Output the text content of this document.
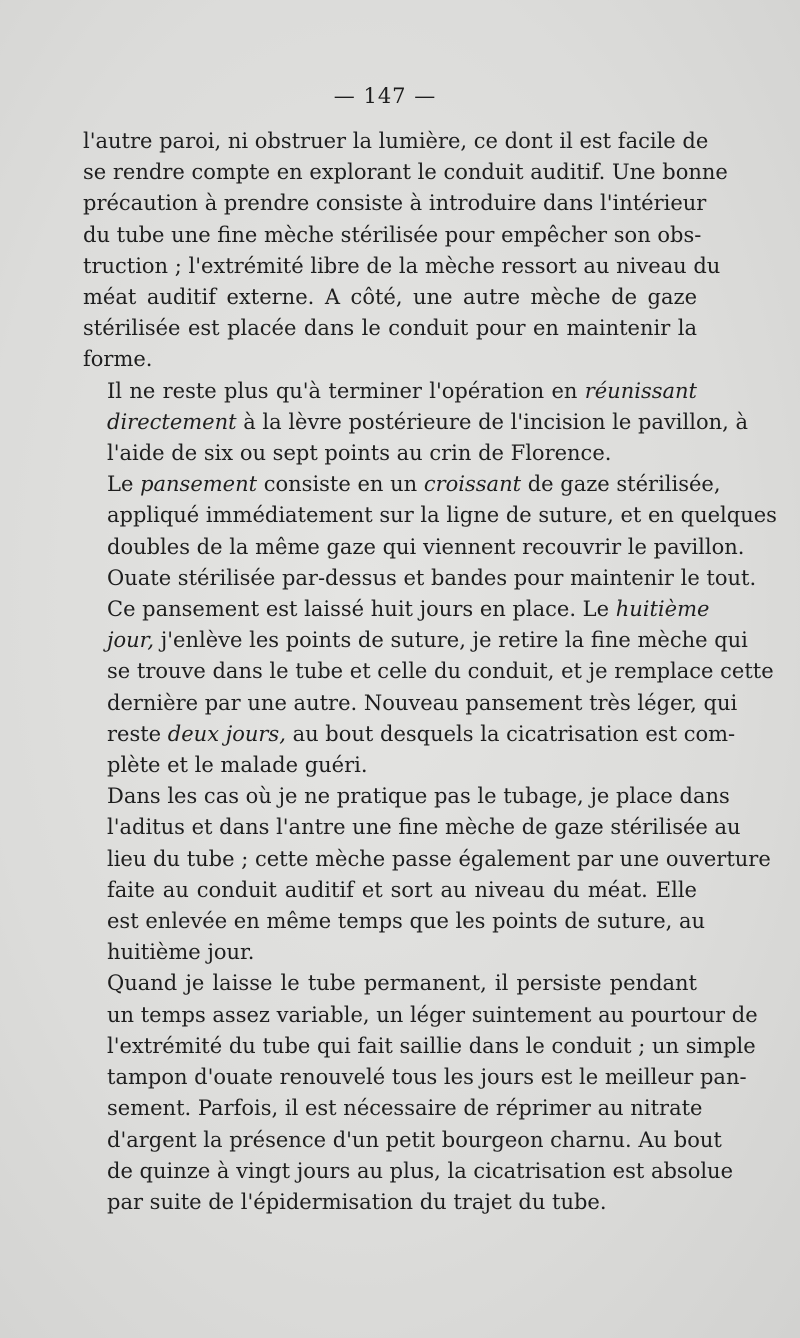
— 147 —

l'autre paroi, ni obstruer la lumière, ce dont il est facile de
se rendre compte en explorant le conduit auditif. Une bonne
précaution à prendre consiste à introduire dans l'intérieur
du tube une fine mèche stérilisée pour empêcher son obs-
truction ; l'extrémité libre de la mèche ressort au niveau du
méat auditif externe. A côté, une autre mèche de gaze
stérilisée est placée dans le conduit pour en maintenir la
forme.

Il ne reste plus qu'à terminer l'opération en réunissant
directement à la lèvre postérieure de l'incision le pavillon, à
l'aide de six ou sept points au crin de Florence.

Le pansement consiste en un croissant de gaze stérilisée,
appliqué immédiatement sur la ligne de suture, et en quelques
doubles de la même gaze qui viennent recouvrir le pavillon.
Ouate stérilisée par-dessus et bandes pour maintenir le tout.

Ce pansement est laissé huit jours en place. Le huitième
jour, j'enlève les points de suture, je retire la fine mèche qui
se trouve dans le tube et celle du conduit, et je remplace cette
dernière par une autre. Nouveau pansement très léger, qui
reste deux jours, au bout desquels la cicatrisation est com-
plète et le malade guéri.

Dans les cas où je ne pratique pas le tubage, je place dans
l'aditus et dans l'antre une fine mèche de gaze stérilisée au
lieu du tube ; cette mèche passe également par une ouverture
faite au conduit auditif et sort au niveau du méat. Elle
est enlevée en même temps que les points de suture, au
huitième jour.

Quand je laisse le tube permanent, il persiste pendant
un temps assez variable, un léger suintement au pourtour de
l'extrémité du tube qui fait saillie dans le conduit ; un simple
tampon d'ouate renouvelé tous les jours est le meilleur pan-
sement. Parfois, il est nécessaire de réprimer au nitrate
d'argent la présence d'un petit bourgeon charnu. Au bout
de quinze à vingt jours au plus, la cicatrisation est absolue
par suite de l'épidermisation du trajet du tube.
